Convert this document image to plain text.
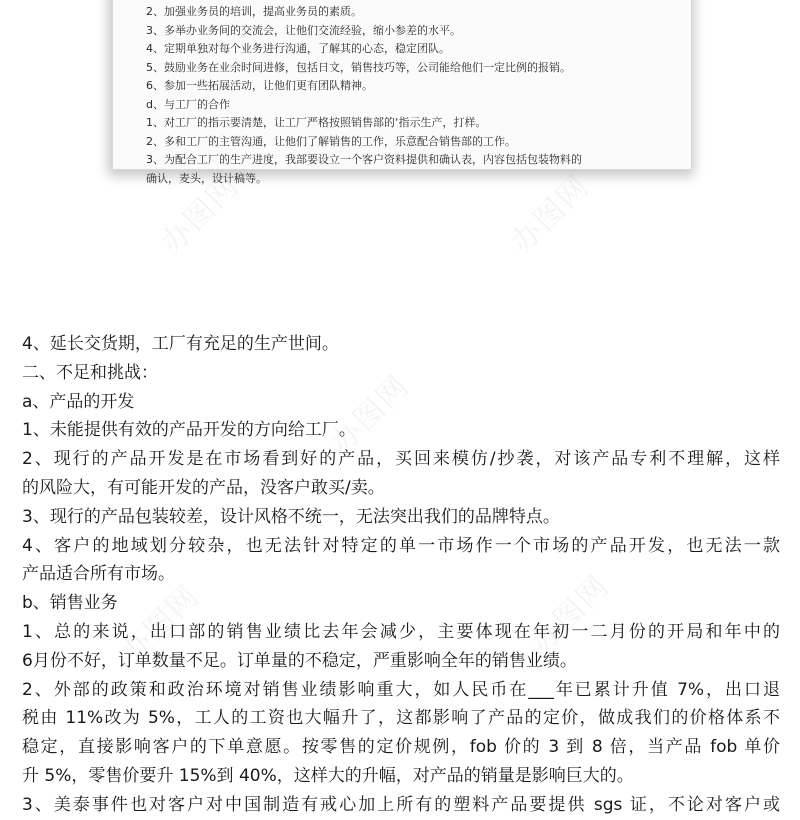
2、加强业务员的培训，提高业务员的素质。
3、多举办业务间的交流会，让他们交流经验，缩小参差的水平。
4、定期单独对每个业务进行沟通，了解其的心态，稳定团队。
5、鼓励业务在业余时间进修，包括日文，销售技巧等，公司能给他们一定比例的报销。
6、参加一些拓展活动，让他们更有团队精神。
d、与工厂的合作
1、对工厂的指示要清楚，让工厂严格按照销售部的‘指示生产，打样。
2、多和工厂的主管沟通，让他们了解销售的工作，乐意配合销售部的工作。
3、为配合工厂的生产进度，我部要设立一个客户资料提供和确认表，内容包括包装物料的
确认，麦头，设计稿等。
4、延长交货期，工厂有充足的生产世间。
二、不足和挑战：
a、产品的开发
1、未能提供有效的产品开发的方向给工厂。
2、现行的产品开发是在市场看到好的产品，买回来模仿/抄袭，对该产品专利不理解，这样
的风险大，有可能开发的产品，没客户敢买/卖。
3、现行的产品包装较差，设计风格不统一，无法突出我们的品牌特点。
4、客户的地域划分较杂，也无法针对特定的单一市场作一个市场的产品开发，也无法一款
产品适合所有市场。
b、销售业务
1、总的来说，出口部的销售业绩比去年会减少，主要体现在年初一二月份的开局和年中的
6月份不好，订单数量不足。订单量的不稳定，严重影响全年的销售业绩。
2、外部的政策和政治环境对销售业绩影响重大，如人民币在___年已累计升值 7%，出口退
税由 11%改为 5%，工人的工资也大幅升了，这都影响了产品的定价，做成我们的价格体系不
稳定，直接影响客户的下单意愿。按零售的定价规例，fob 价的 3 到 8 倍，当产品 fob 单价
升 5%，零售价要升 15%到 40%，这样大的升幅，对产品的销量是影响巨大的。
3、美泰事件也对客户对中国制造有戒心加上所有的塑料产品要提供 sgs 证，不论对客户或
